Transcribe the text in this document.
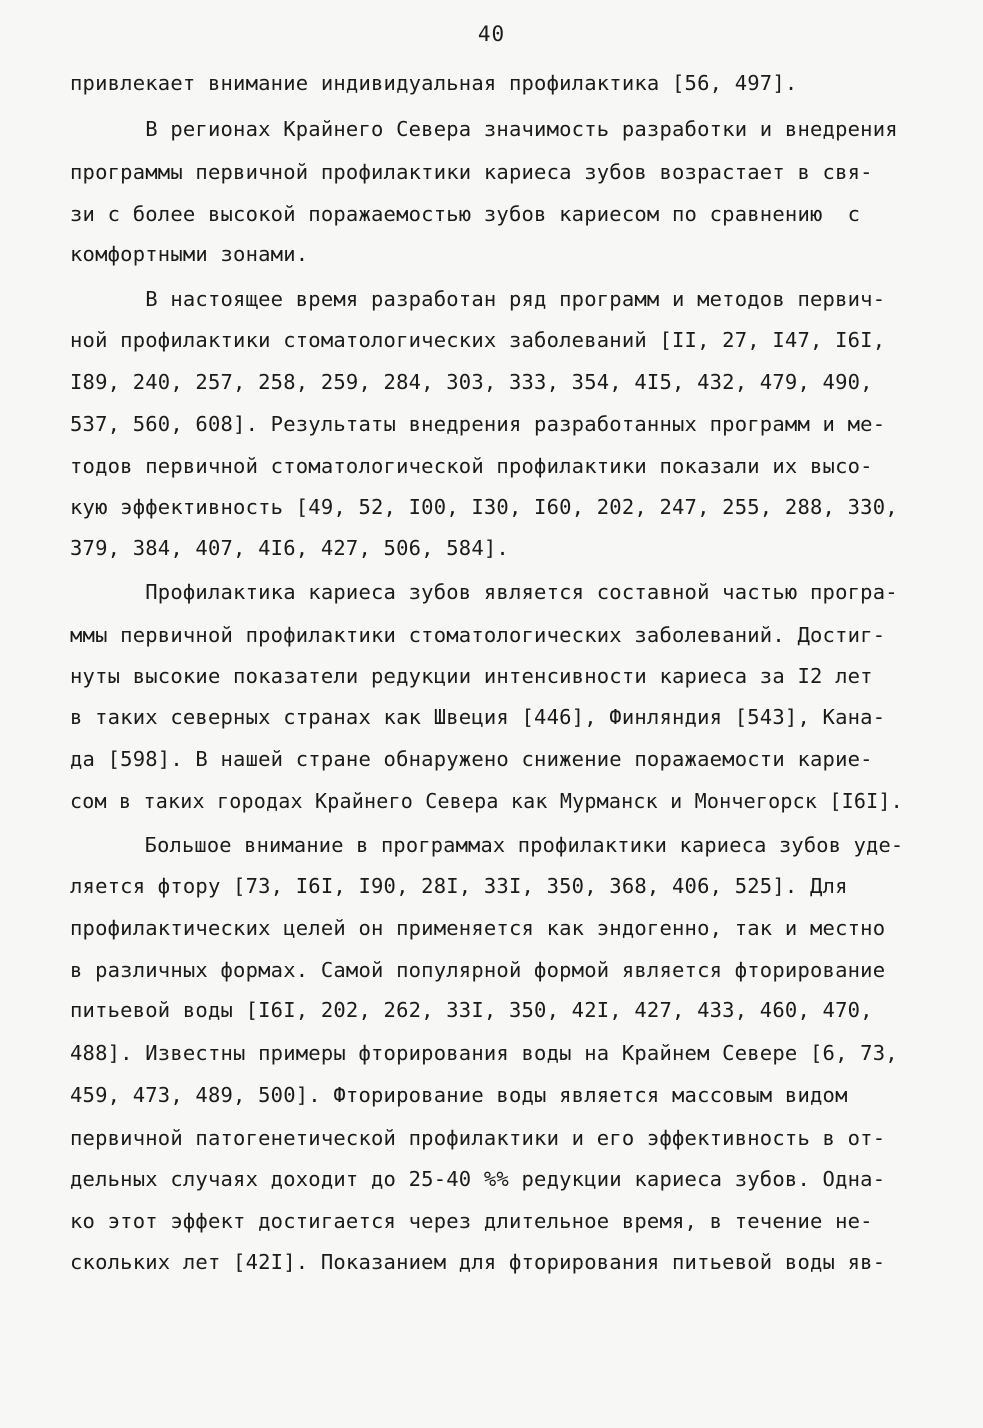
40
привлекает внимание индивидуальная профилактика [56, 497].
В регионах Крайнего Севера значимость разработки и внедрения
программы первичной профилактики кариеса зубов возрастает в свя-
зи с более высокой поражаемостью зубов кариесом по сравнению  с
комфортными зонами.
В настоящее время разработан ряд программ и методов первич-
ной профилактики стоматологических заболеваний [II, 27, I47, I6I,
I89, 240, 257, 258, 259, 284, 303, 333, 354, 4I5, 432, 479, 490,
537, 560, 608]. Результаты внедрения разработанных программ и ме-
тодов первичной стоматологической профилактики показали их высо-
кую эффективность [49, 52, I00, I30, I60, 202, 247, 255, 288, 330,
379, 384, 407, 4I6, 427, 506, 584].
Профилактика кариеса зубов является составной частью програ-
ммы первичной профилактики стоматологических заболеваний. Достиг-
нуты высокие показатели редукции интенсивности кариеса за I2 лет
в таких северных странах как Швеция [446], Финляндия [543], Кана-
да [598]. В нашей стране обнаружено снижение поражаемости карие-
сом в таких городах Крайнего Севера как Мурманск и Мончегорск [I6I].
Большое внимание в программах профилактики кариеса зубов уде-
ляется фтору [73, I6I, I90, 28I, 33I, 350, 368, 406, 525]. Для
профилактических целей он применяется как эндогенно, так и местно
в различных формах. Самой популярной формой является фторирование
питьевой воды [I6I, 202, 262, 33I, 350, 42I, 427, 433, 460, 470,
488]. Известны примеры фторирования воды на Крайнем Севере [6, 73,
459, 473, 489, 500]. Фторирование воды является массовым видом
первичной патогенетической профилактики и его эффективность в от-
дельных случаях доходит до 25-40 %% редукции кариеса зубов. Одна-
ко этот эффект достигается через длительное время, в течение не-
скольких лет [42I]. Показанием для фторирования питьевой воды яв-
